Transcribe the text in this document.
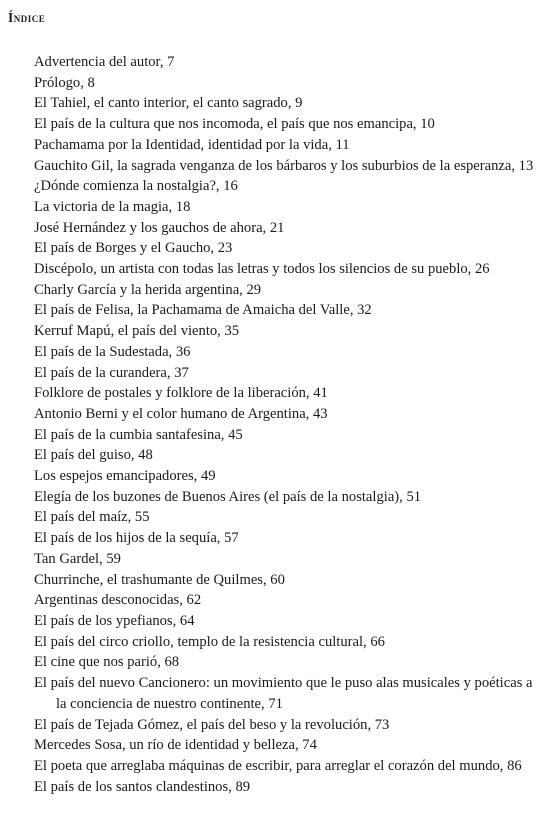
Índice
Advertencia del autor, 7
Prólogo, 8
El Tahiel, el canto interior, el canto sagrado, 9
El país de la cultura que nos incomoda, el país que nos emancipa, 10
Pachamama por la Identidad, identidad por la vida, 11
Gauchito Gil, la sagrada venganza de los bárbaros y los suburbios de la esperanza, 13
¿Dónde comienza la nostalgia?, 16
La victoria de la magia, 18
José Hernández y los gauchos de ahora, 21
El país de Borges y el Gaucho, 23
Discépolo, un artista con todas las letras y todos los silencios de su pueblo, 26
Charly García y la herida argentina, 29
El país de Felisa, la Pachamama de Amaicha del Valle, 32
Kerruf Mapú, el país del viento, 35
El país de la Sudestada, 36
El país de la curandera, 37
Folklore de postales y folklore de la liberación, 41
Antonio Berni y el color humano de Argentina, 43
El país de la cumbia santafesina, 45
El país del guiso, 48
Los espejos emancipadores, 49
Elegía de los buzones de Buenos Aires (el país de la nostalgia), 51
El país del maíz, 55
El país de los hijos de la sequía, 57
Tan Gardel, 59
Churrinche, el trashumante de Quilmes, 60
Argentinas desconocidas, 62
El país de los ypefianos, 64
El país del circo criollo, templo de la resistencia cultural, 66
El cine que nos parió, 68
El país del nuevo Cancionero: un movimiento que le puso alas musicales y poéticas a la conciencia de nuestro continente, 71
El país de Tejada Gómez, el país del beso y la revolución, 73
Mercedes Sosa, un río de identidad y belleza, 74
El poeta que arreglaba máquinas de escribir, para arreglar el corazón del mundo, 86
El país de los santos clandestinos, 89
